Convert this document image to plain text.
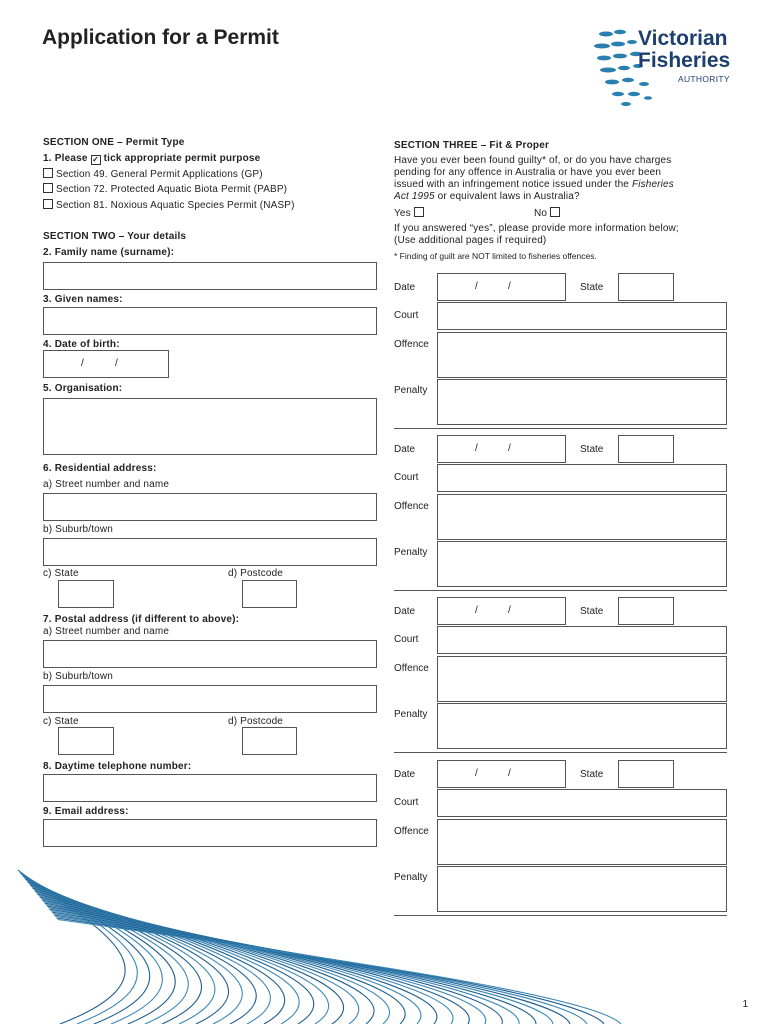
Application for a Permit	Victorian
Fisheries
AUTHORITY
SECTION ONE – Permit Type
1. Please ✓ tick appropriate permit purpose
Section 49. General Permit Applications (GP)
Section 72. Protected Aquatic Biota Permit (PABP)
Section 81. Noxious Aquatic Species Permit (NASP)
SECTION TWO – Your details
2. Family name (surname):
3. Given names:
4. Date of birth:
/	/
5. Organisation:
6. Residential address:
a) Street number and name
b) Suburb/town
c) State	d) Postcode
7. Postal address (if different to above):
a) Street number and name
b) Suburb/town
c) State	d) Postcode
8. Daytime telephone number:
9. Email address:
SECTION THREE – Fit & Proper
Have you ever been found guilty* of, or do you have charges
pending for any offence in Australia or have you ever been
issued with an infringement notice issued under the Fisheries
Act 1995 or equivalent laws in Australia?
Yes	No
If you answered “yes”, please provide more information below;
(Use additional pages if required)
* Finding of guilt are NOT limited to fisheries offences.
Date	/	/	State
Court
Offence
Penalty
Date	/	/	State
Court
Offence
Penalty
Date	/	/	State
Court
Offence
Penalty
Date	/	/	State
Court
Offence
Penalty
1
